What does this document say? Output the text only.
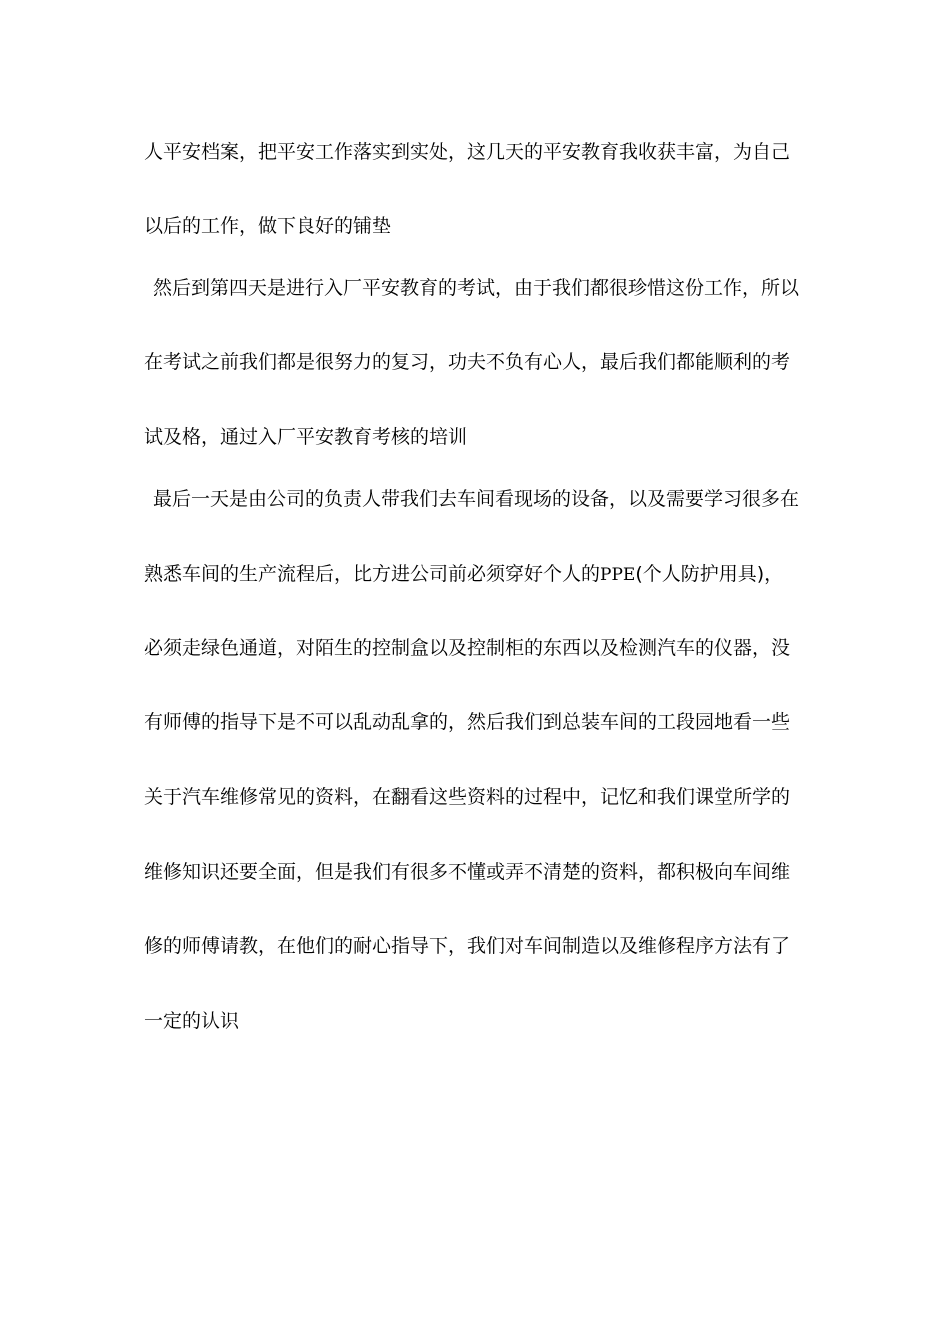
人平安档案，把平安工作落实到实处，这几天的平安教育我收获丰富，为自己

以后的工作，做下良好的铺垫

然后到第四天是进行入厂平安教育的考试，由于我们都很珍惜这份工作，所以

在考试之前我们都是很努力的复习，功夫不负有心人，最后我们都能顺利的考

试及格，通过入厂平安教育考核的培训

最后一天是由公司的负责人带我们去车间看现场的设备，以及需要学习很多在

熟悉车间的生产流程后，比方进公司前必须穿好个人的PPE(个人防护用具)，

必须走绿色通道，对陌生的控制盒以及控制柜的东西以及检测汽车的仪器，没

有师傅的指导下是不可以乱动乱拿的，然后我们到总装车间的工段园地看一些

关于汽车维修常见的资料，在翻看这些资料的过程中，记忆和我们课堂所学的

维修知识还要全面，但是我们有很多不懂或弄不清楚的资料，都积极向车间维

修的师傅请教，在他们的耐心指导下，我们对车间制造以及维修程序方法有了

一定的认识
